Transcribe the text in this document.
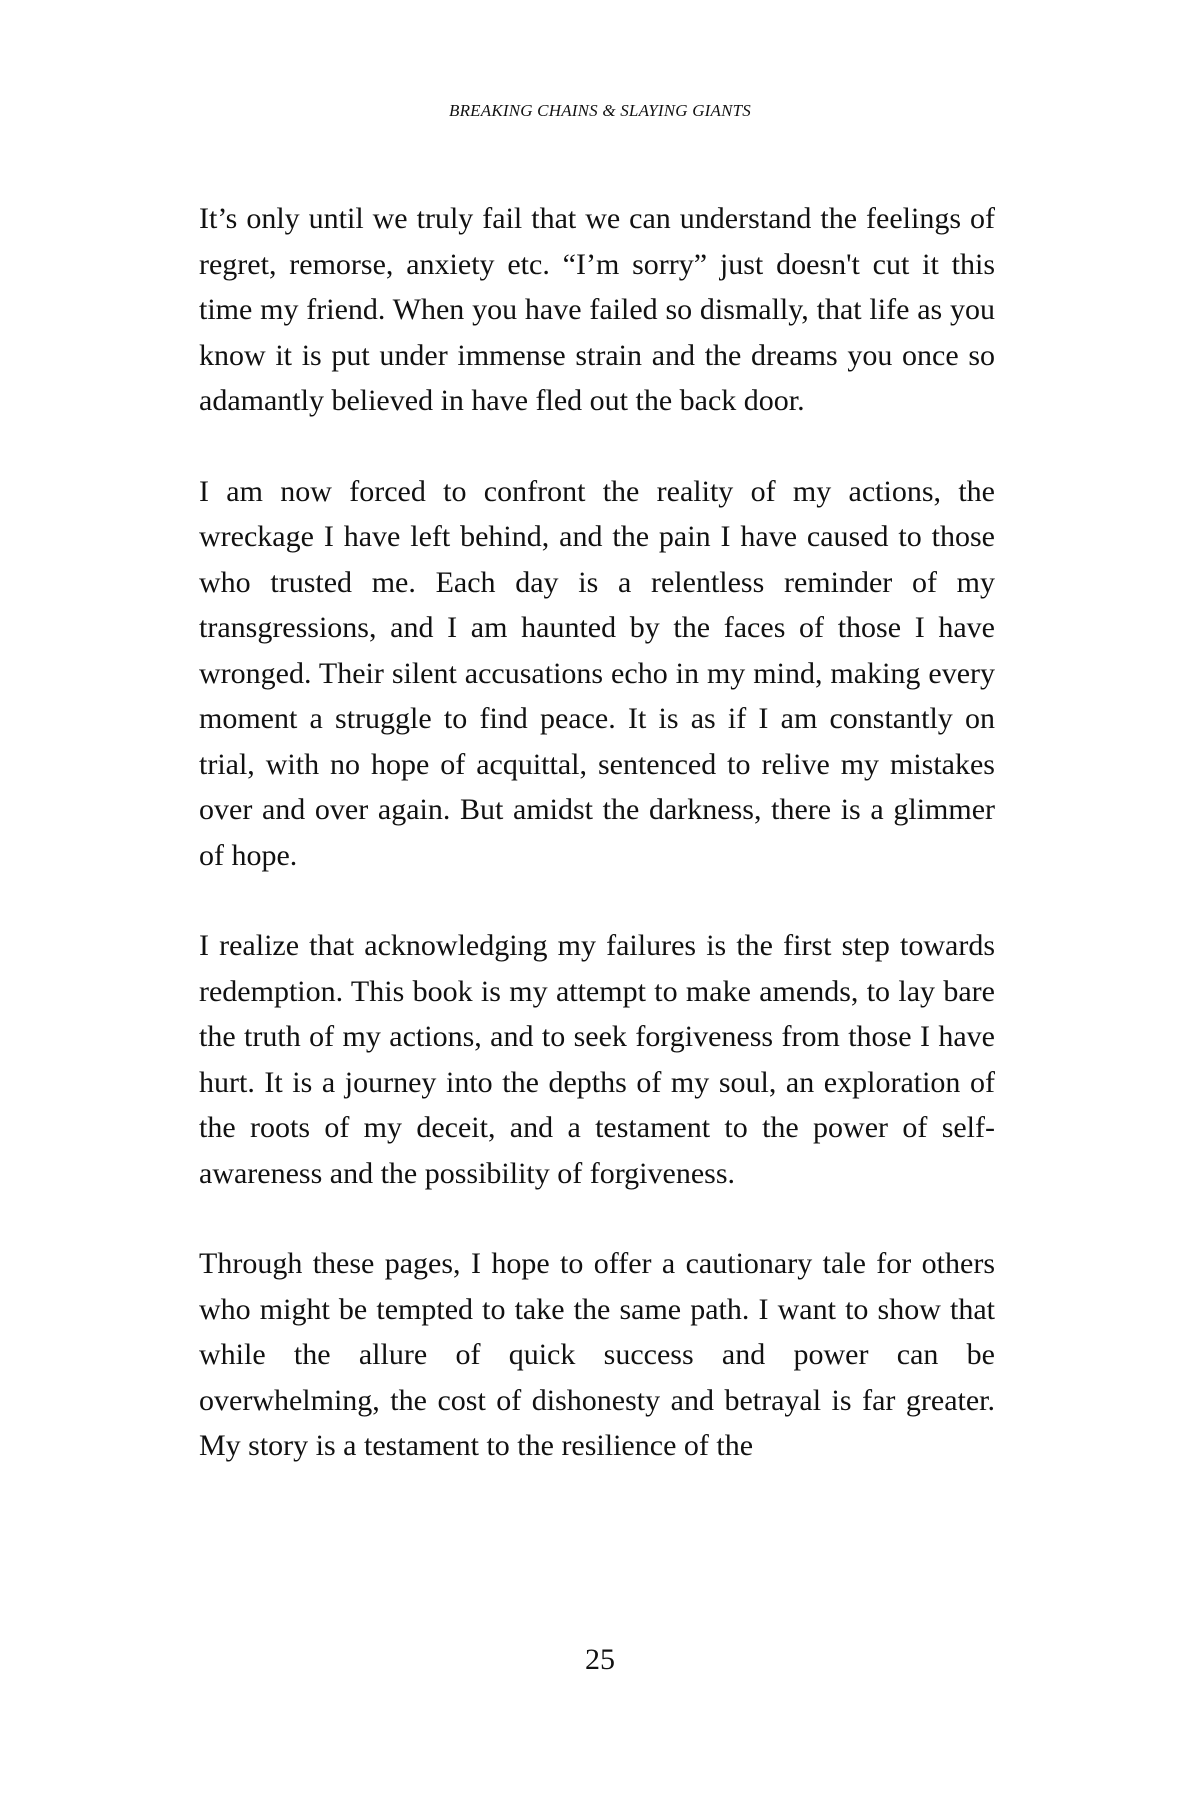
BREAKING CHAINS & SLAYING GIANTS

It’s only until we truly fail that we can understand the feelings of regret, remorse, anxiety etc. “I’m sorry” just doesn't cut it this time my friend. When you have failed so dismally, that life as you know it is put under immense strain and the dreams you once so adamantly believed in have fled out the back door.

I am now forced to confront the reality of my actions, the wreckage I have left behind, and the pain I have caused to those who trusted me. Each day is a relentless reminder of my transgressions, and I am haunted by the faces of those I have wronged. Their silent accusations echo in my mind, making every moment a struggle to find peace. It is as if I am constantly on trial, with no hope of acquittal, sentenced to relive my mistakes over and over again. But amidst the darkness, there is a glimmer of hope.

I realize that acknowledging my failures is the first step towards redemption. This book is my attempt to make amends, to lay bare the truth of my actions, and to seek forgiveness from those I have hurt. It is a journey into the depths of my soul, an exploration of the roots of my deceit, and a testament to the power of self-awareness and the possibility of forgiveness.

Through these pages, I hope to offer a cautionary tale for others who might be tempted to take the same path. I want to show that while the allure of quick success and power can be overwhelming, the cost of dishonesty and betrayal is far greater. My story is a testament to the resilience of the

25
